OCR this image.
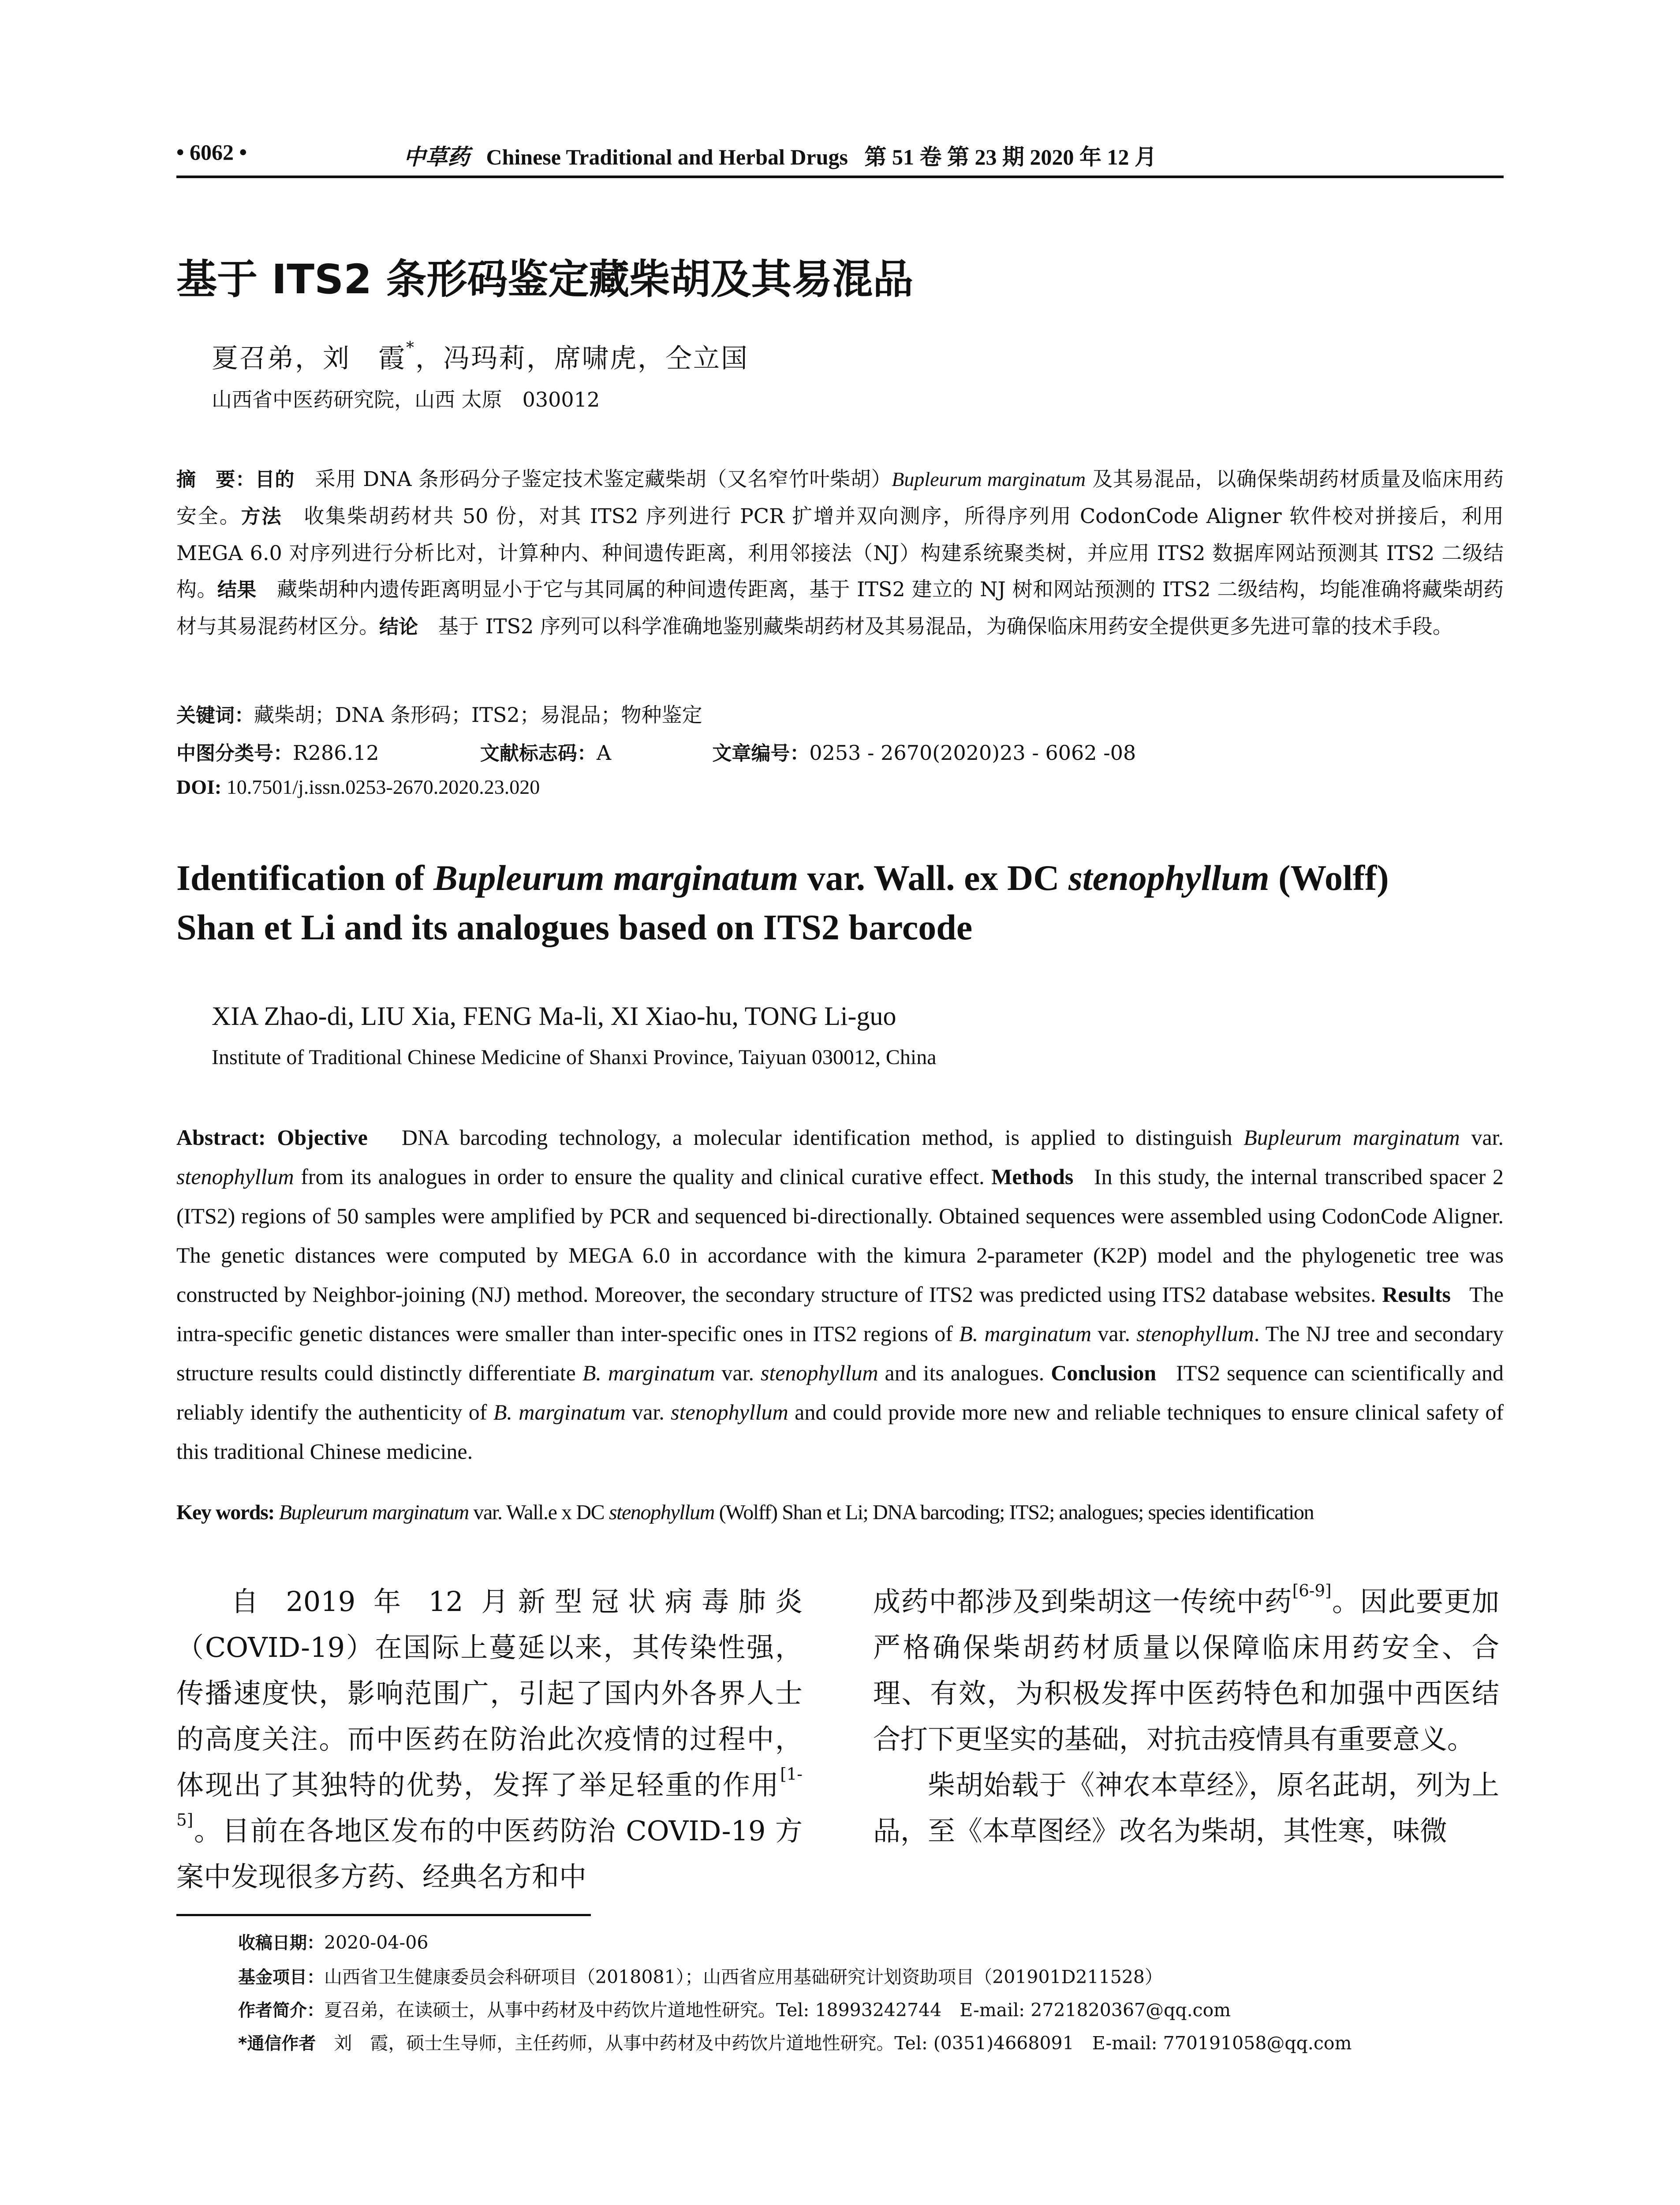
• 6062 •	中草药 Chinese Traditional and Herbal Drugs 第 51 卷 第 23 期 2020 年 12 月
基于 ITS2 条形码鉴定藏柴胡及其易混品
夏召弟，刘　霞*，冯玛莉，席啸虎，仝立国
山西省中医药研究院，山西 太原　030012
摘　要：目的　采用 DNA 条形码分子鉴定技术鉴定藏柴胡（又名窄竹叶柴胡）Bupleurum marginatum 及其易混品，以确保柴胡药材质量及临床用药安全。方法　收集柴胡药材共 50 份，对其 ITS2 序列进行 PCR 扩增并双向测序，所得序列用 CodonCode Aligner 软件校对拼接后，利用 MEGA 6.0 对序列进行分析比对，计算种内、种间遗传距离，利用邻接法（NJ）构建系统聚类树，并应用 ITS2 数据库网站预测其 ITS2 二级结构。结果　藏柴胡种内遗传距离明显小于它与其同属的种间遗传距离，基于 ITS2 建立的 NJ 树和网站预测的 ITS2 二级结构，均能准确将藏柴胡药材与其易混药材区分。结论　基于 ITS2 序列可以科学准确地鉴别藏柴胡药材及其易混品，为确保临床用药安全提供更多先进可靠的技术手段。
关键词：藏柴胡；DNA 条形码；ITS2；易混品；物种鉴定
中图分类号：R286.12	文献标志码：A	文章编号：0253 - 2670(2020)23 - 6062 -08
DOI: 10.7501/j.issn.0253-2670.2020.23.020
Identification of Bupleurum marginatum var. Wall. ex DC stenophyllum (Wolff)
Shan et Li and its analogues based on ITS2 barcode
XIA Zhao-di, LIU Xia, FENG Ma-li, XI Xiao-hu, TONG Li-guo
Institute of Traditional Chinese Medicine of Shanxi Province, Taiyuan 030012, China
Abstract: Objective DNA barcoding technology, a molecular identification method, is applied to distinguish Bupleurum marginatum var. stenophyllum from its analogues in order to ensure the quality and clinical curative effect. Methods In this study, the internal transcribed spacer 2 (ITS2) regions of 50 samples were amplified by PCR and sequenced bi-directionally. Obtained sequences were assembled using CodonCode Aligner. The genetic distances were computed by MEGA 6.0 in accordance with the kimura 2-parameter (K2P) model and the phylogenetic tree was constructed by Neighbor-joining (NJ) method. Moreover, the secondary structure of ITS2 was predicted using ITS2 database websites. Results The intra-specific genetic distances were smaller than inter-specific ones in ITS2 regions of B. marginatum var. stenophyllum. The NJ tree and secondary structure results could distinctly differentiate B. marginatum var. stenophyllum and its analogues. Conclusion ITS2 sequence can scientifically and reliably identify the authenticity of B. marginatum var. stenophyllum and could provide more new and reliable techniques to ensure clinical safety of this traditional Chinese medicine.
Key words: Bupleurum marginatum var. Wall.e x DC stenophyllum (Wolff) Shan et Li; DNA barcoding; ITS2; analogues; species identification

自 2019 年 12 月新型冠状病毒肺炎（COVID-19）在国际上蔓延以来，其传染性强，传播速度快，影响范围广，引起了国内外各界人士的高度关注。而中医药在防治此次疫情的过程中，体现出了其独特的优势，发挥了举足轻重的作用[1-5]。目前在各地区发布的中医药防治 COVID-19 方案中发现很多方药、经典名方和中

成药中都涉及到柴胡这一传统中药[6-9]。因此要更加严格确保柴胡药材质量以保障临床用药安全、合理、有效，为积极发挥中医药特色和加强中西医结合打下更坚实的基础，对抗击疫情具有重要意义。

柴胡始载于《神农本草经》，原名茈胡，列为上品，至《本草图经》改名为柴胡，其性寒，味微

收稿日期：2020-04-06
基金项目：山西省卫生健康委员会科研项目（2018081）；山西省应用基础研究计划资助项目（201901D211528）
作者简介：夏召弟，在读硕士，从事中药材及中药饮片道地性研究。Tel: 18993242744　E-mail: 2721820367@qq.com
*通信作者　刘　霞，硕士生导师，主任药师，从事中药材及中药饮片道地性研究。Tel: (0351)4668091　E-mail: 770191058@qq.com
